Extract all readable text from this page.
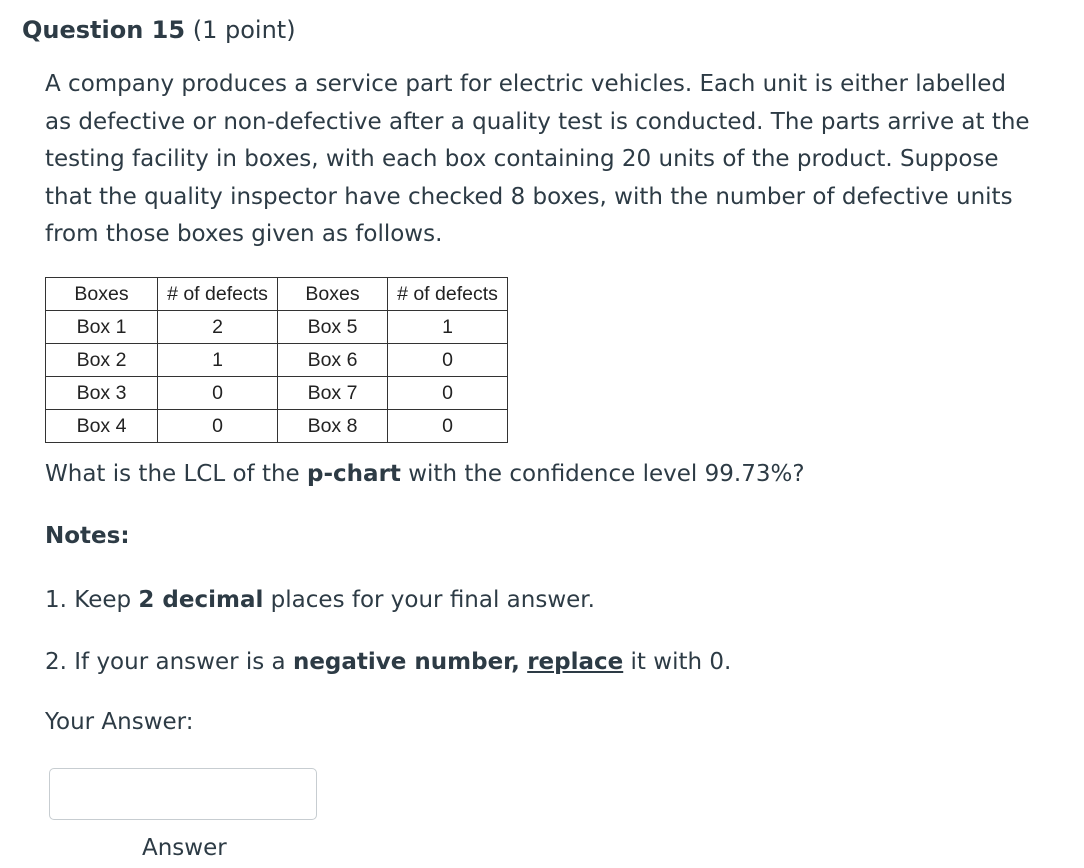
Question 15 (1 point)

A company produces a service part for electric vehicles. Each unit is either labelled as defective or non-defective after a quality test is conducted. The parts arrive at the testing facility in boxes, with each box containing 20 units of the product. Suppose that the quality inspector have checked 8 boxes, with the number of defective units from those boxes given as follows.

Boxes	# of defects	Boxes	# of defects
Box 1	2	Box 5	1
Box 2	1	Box 6	0
Box 3	0	Box 7	0
Box 4	0	Box 8	0
What is the LCL of the p-chart with the confidence level 99.73%?
Notes:
1. Keep 2 decimal places for your final answer.
2. If your answer is a negative number, replace it with 0.
Your Answer:
Answer
